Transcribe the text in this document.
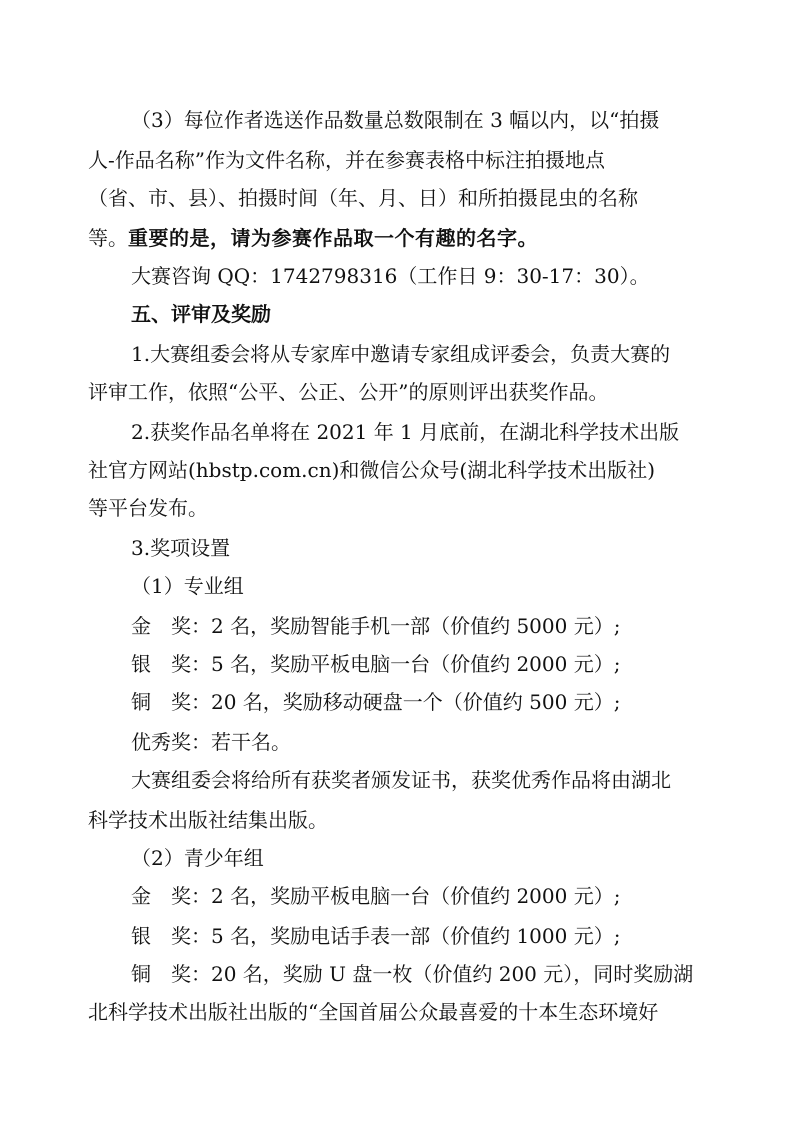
（3）每位作者选送作品数量总数限制在 3 幅以内，以“拍摄
人-作品名称”作为文件名称，并在参赛表格中标注拍摄地点
（省、市、县）、拍摄时间（年、月、日）和所拍摄昆虫的名称
等。重要的是，请为参赛作品取一个有趣的名字。
大赛咨询 QQ：1742798316（工作日 9：30-17：30）。
五、评审及奖励
1.大赛组委会将从专家库中邀请专家组成评委会，负责大赛的
评审工作，依照“公平、公正、公开”的原则评出获奖作品。
2.获奖作品名单将在 2021 年 1 月底前，在湖北科学技术出版
社官方网站(hbstp.com.cn)和微信公众号(湖北科学技术出版社)
等平台发布。
3.奖项设置
（1）专业组
金　奖：2 名，奖励智能手机一部（价值约 5000 元）;
银　奖：5 名，奖励平板电脑一台（价值约 2000 元）;
铜　奖：20 名，奖励移动硬盘一个（价值约 500 元）;
优秀奖：若干名。
大赛组委会将给所有获奖者颁发证书，获奖优秀作品将由湖北
科学技术出版社结集出版。
（2）青少年组
金　奖：2 名，奖励平板电脑一台（价值约 2000 元）;
银　奖：5 名，奖励电话手表一部（价值约 1000 元）;
铜　奖：20 名，奖励 U 盘一枚（价值约 200 元），同时奖励湖
北科学技术出版社出版的“全国首届公众最喜爱的十本生态环境好
